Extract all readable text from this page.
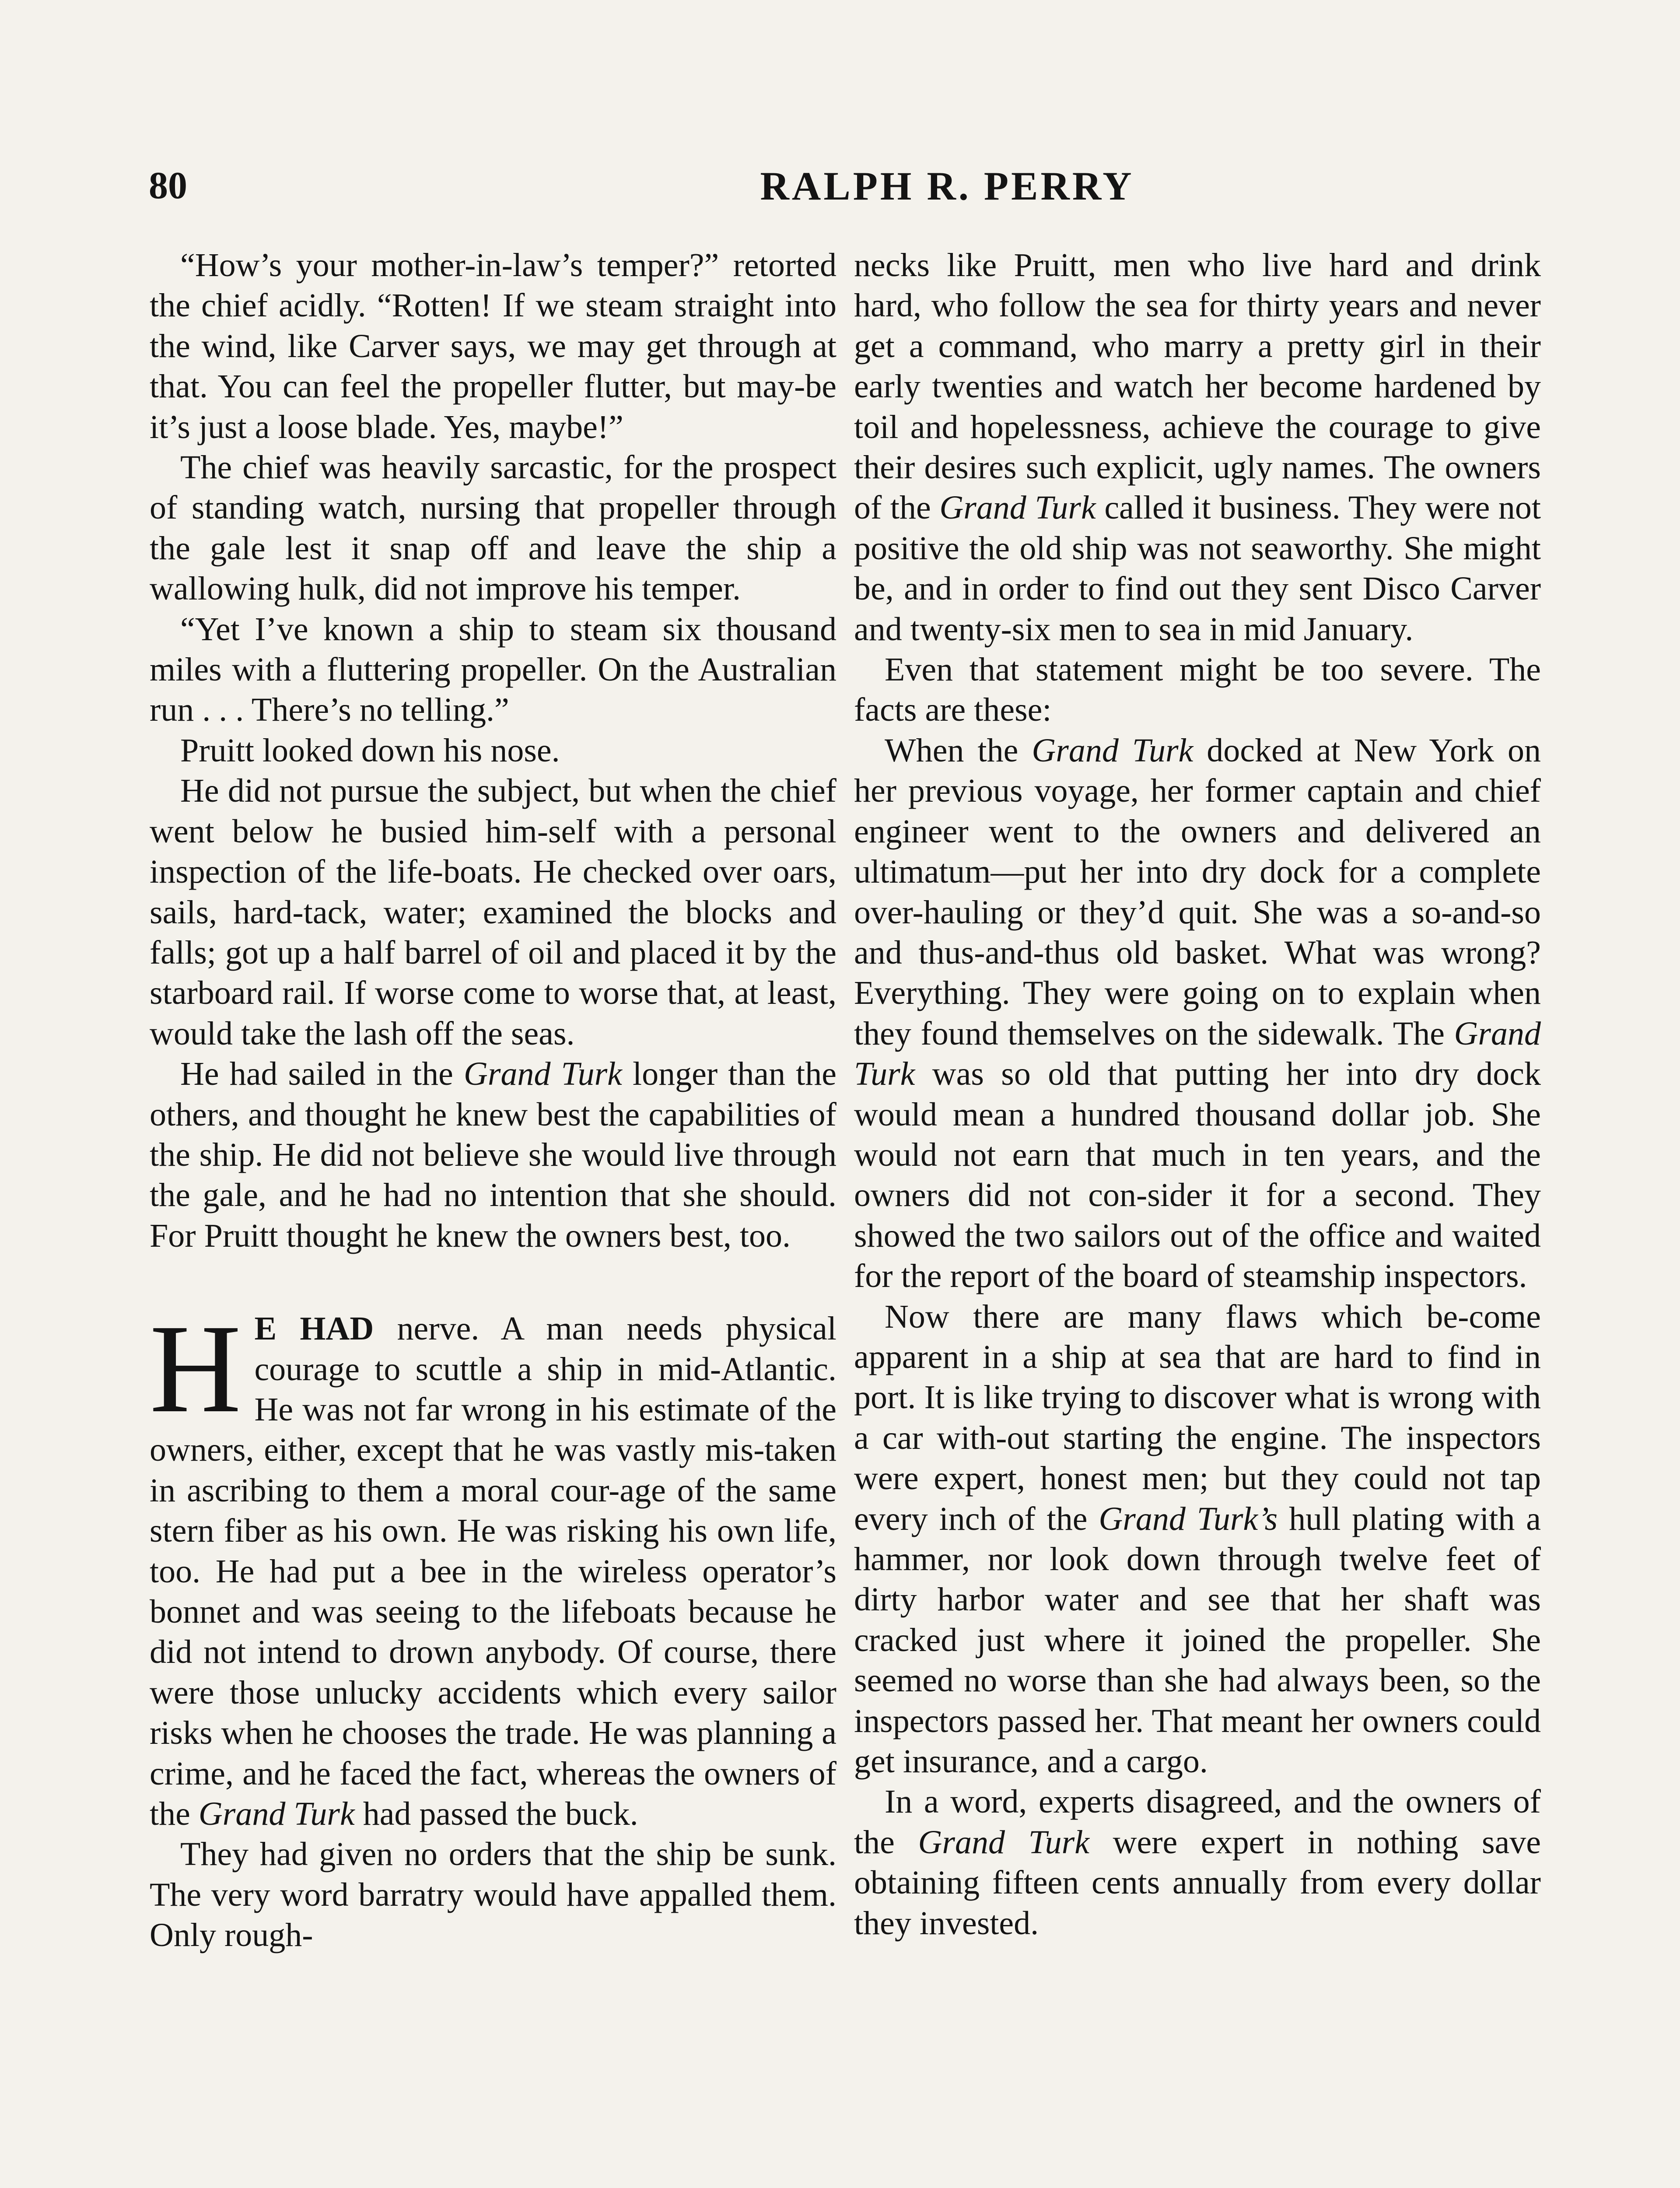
80	RALPH R. PERRY

“How’s your mother-in-law’s temper?” retorted the chief acidly. “Rotten! If we steam straight into the wind, like Carver says, we may get through at that. You can feel the propeller flutter, but may-be it’s just a loose blade. Yes, maybe!”

The chief was heavily sarcastic, for the prospect of standing watch, nursing that propeller through the gale lest it snap off and leave the ship a wallowing hulk, did not improve his temper.

“Yet I’ve known a ship to steam six thousand miles with a fluttering propeller. On the Australian run . . . There’s no telling.”

Pruitt looked down his nose.

He did not pursue the subject, but when the chief went below he busied him-self with a personal inspection of the life-boats. He checked over oars, sails, hard-tack, water; examined the blocks and falls; got up a half barrel of oil and placed it by the starboard rail. If worse come to worse that, at least, would take the lash off the seas.

He had sailed in the Grand Turk longer than the others, and thought he knew best the capabilities of the ship. He did not believe she would live through the gale, and he had no intention that she should. For Pruitt thought he knew the owners best, too.

H E HAD nerve. A man needs physical courage to scuttle a ship in mid-Atlantic. He was not far wrong in his estimate of the owners, either, except that he was vastly mis-taken in ascribing to them a moral cour-age of the same stern fiber as his own. He was risking his own life, too. He had put a bee in the wireless operator’s bonnet and was seeing to the lifeboats because he did not intend to drown anybody. Of course, there were those unlucky accidents which every sailor risks when he chooses the trade. He was planning a crime, and he faced the fact, whereas the owners of the Grand Turk had passed the buck.

They had given no orders that the ship be sunk. The very word barratry would have appalled them. Only rough-

necks like Pruitt, men who live hard and drink hard, who follow the sea for thirty years and never get a command, who marry a pretty girl in their early twenties and watch her become hardened by toil and hopelessness, achieve the courage to give their desires such explicit, ugly names. The owners of the Grand Turk called it business. They were not positive the old ship was not seaworthy. She might be, and in order to find out they sent Disco Carver and twenty-six men to sea in mid January.

Even that statement might be too severe. The facts are these:

When the Grand Turk docked at New York on her previous voyage, her former captain and chief engineer went to the owners and delivered an ultimatum—put her into dry dock for a complete over-hauling or they’d quit. She was a so-and-so and thus-and-thus old basket. What was wrong? Everything. They were going on to explain when they found themselves on the sidewalk. The Grand Turk was so old that putting her into dry dock would mean a hundred thousand dollar job. She would not earn that much in ten years, and the owners did not con-sider it for a second. They showed the two sailors out of the office and waited for the report of the board of steamship inspectors.

Now there are many flaws which be-come apparent in a ship at sea that are hard to find in port. It is like trying to discover what is wrong with a car with-out starting the engine. The inspectors were expert, honest men; but they could not tap every inch of the Grand Turk’s hull plating with a hammer, nor look down through twelve feet of dirty harbor water and see that her shaft was cracked just where it joined the propeller. She seemed no worse than she had always been, so the inspectors passed her. That meant her owners could get insurance, and a cargo.

In a word, experts disagreed, and the owners of the Grand Turk were expert in nothing save obtaining fifteen cents annually from every dollar they invested.
